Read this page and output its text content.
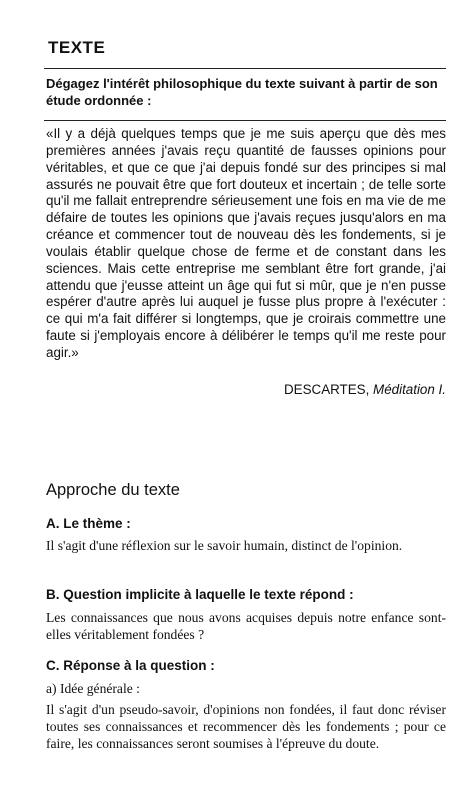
TEXTE
Dégagez l'intérêt philosophique du texte suivant à partir de son étude ordonnée :
«Il y a déjà quelques temps que je me suis aperçu que dès mes premières années j'avais reçu quantité de fausses opinions pour véritables, et que ce que j'ai depuis fondé sur des principes si mal assurés ne pouvait être que fort douteux et incertain ; de telle sorte qu'il me fallait entreprendre sérieusement une fois en ma vie de me défaire de toutes les opinions que j'avais reçues jusqu'alors en ma créance et commencer tout de nouveau dès les fondements, si je voulais établir quelque chose de ferme et de constant dans les sciences. Mais cette entreprise me semblant être fort grande, j'ai attendu que j'eusse atteint un âge qui fut si mûr, que je n'en pusse espérer d'autre après lui auquel je fusse plus propre à l'exécuter : ce qui m'a fait différer si longtemps, que je croirais commettre une faute si j'employais encore à délibérer le temps qu'il me reste pour agir.»
DESCARTES, Méditation I.
Approche du texte
A. Le thème :
Il s'agit d'une réflexion sur le savoir humain, distinct de l'opinion.
B. Question implicite à laquelle le texte répond :
Les connaissances que nous avons acquises depuis notre enfance sont-elles véritablement fondées ?
C. Réponse à la question :
a) Idée générale :
Il s'agit d'un pseudo-savoir, d'opinions non fondées, il faut donc réviser toutes ses connaissances et recommencer dès les fondements ; pour ce faire, les connaissances seront soumises à l'épreuve du doute.
